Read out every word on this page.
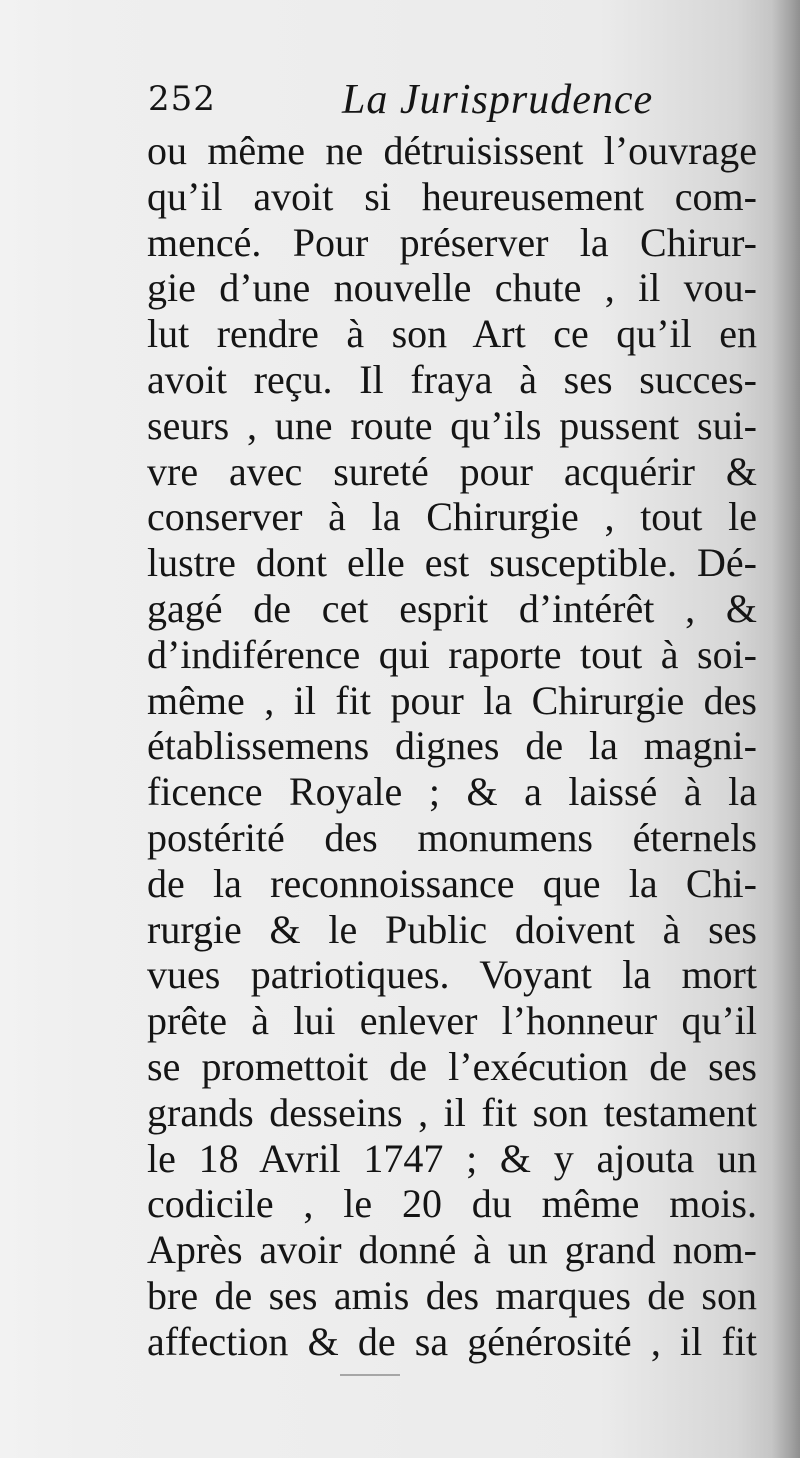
252	La Jurisprudence
ou même ne détruisissent l’ouvrage
qu’il avoit si heureusement com-
mencé. Pour préserver la Chirur-
gie d’une nouvelle chute , il vou-
lut rendre à son Art ce qu’il en
avoit reçu. Il fraya à ses succes-
seurs , une route qu’ils pussent sui-
vre avec sureté pour acquérir &
conserver à la Chirurgie , tout le
lustre dont elle est susceptible. Dé-
gagé de cet esprit d’intérêt , &
d’indiférence qui raporte tout à soi-
même , il fit pour la Chirurgie des
établissemens dignes de la magni-
ficence Royale ; & a laissé à la
postérité des monumens éternels
de la reconnoissance que la Chi-
rurgie & le Public doivent à ses
vues patriotiques. Voyant la mort
prête à lui enlever l’honneur qu’il
se promettoit de l’exécution de ses
grands desseins , il fit son testament
le 18 Avril 1747 ; & y ajouta un
codicile , le 20 du même mois.
Après avoir donné à un grand nom-
bre de ses amis des marques de son
affection & de sa générosité , il fit
